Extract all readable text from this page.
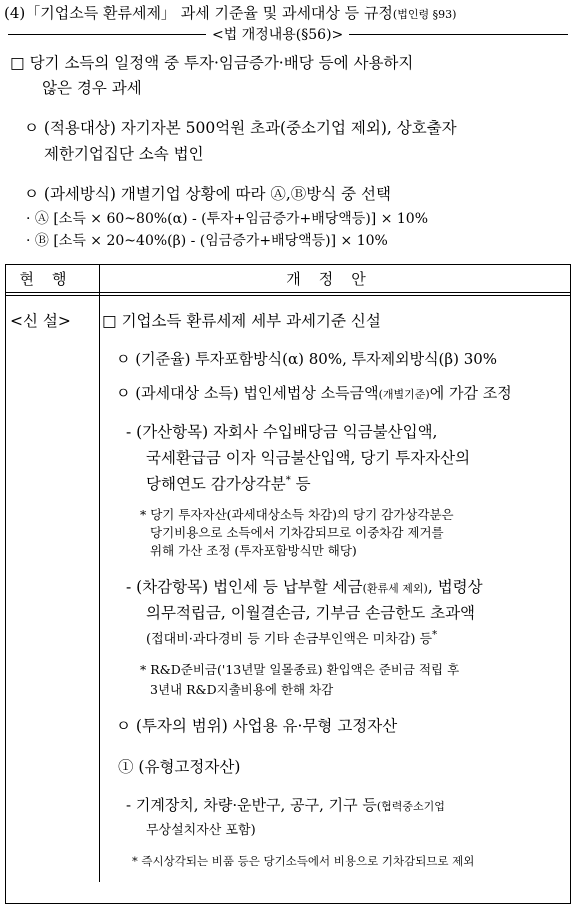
(4)「기업소득 환류세제」 과세 기준율 및 과세대상 등 규정(법인령 §93)
<법 개정내용(§56)>
□ 당기 소득의 일정액 중 투자·임금증가·배당 등에 사용하지
않은 경우 과세
ㅇ (적용대상) 자기자본 500억원 초과(중소기업 제외), 상호출자
제한기업집단 소속 법인
ㅇ (과세방식) 개별기업 상황에 따라 Ⓐ,Ⓑ방식 중 선택
· Ⓐ [소득 × 60~80%(α) - (투자+임금증가+배당액등)] × 10%
· Ⓑ [소득 × 20~40%(β) - (임금증가+배당액등)] × 10%
현행	개정안
<신 설> □ 기업소득 환류세제 세부 과세기준 신설
ㅇ (기준율) 투자포함방식(α) 80%, 투자제외방식(β) 30%
ㅇ (과세대상 소득) 법인세법상 소득금액(개별기준)에 가감 조정
- (가산항목) 자회사 수입배당금 익금불산입액,
국세환급금 이자 익금불산입액, 당기 투자자산의
당해연도 감가상각분* 등
* 당기 투자자산(과세대상소득 차감)의 당기 감가상각분은
당기비용으로 소득에서 기차감되므로 이중차감 제거를
위해 가산 조정 (투자포함방식만 해당)
- (차감항목) 법인세 등 납부할 세금(환류세 제외), 법령상
의무적립금, 이월결손금, 기부금 손금한도 초과액
(접대비·과다경비 등 기타 손금부인액은 미차감) 등*
* R&D준비금('13년말 일몰종료) 환입액은 준비금 적립 후
3년내 R&D지출비용에 한해 차감
ㅇ (투자의 범위) 사업용 유·무형 고정자산
① (유형고정자산)
- 기계장치, 차량·운반구, 공구, 기구 등(협력중소기업
무상설치자산 포함)
* 즉시상각되는 비품 등은 당기소득에서 비용으로 기차감되므로 제외
